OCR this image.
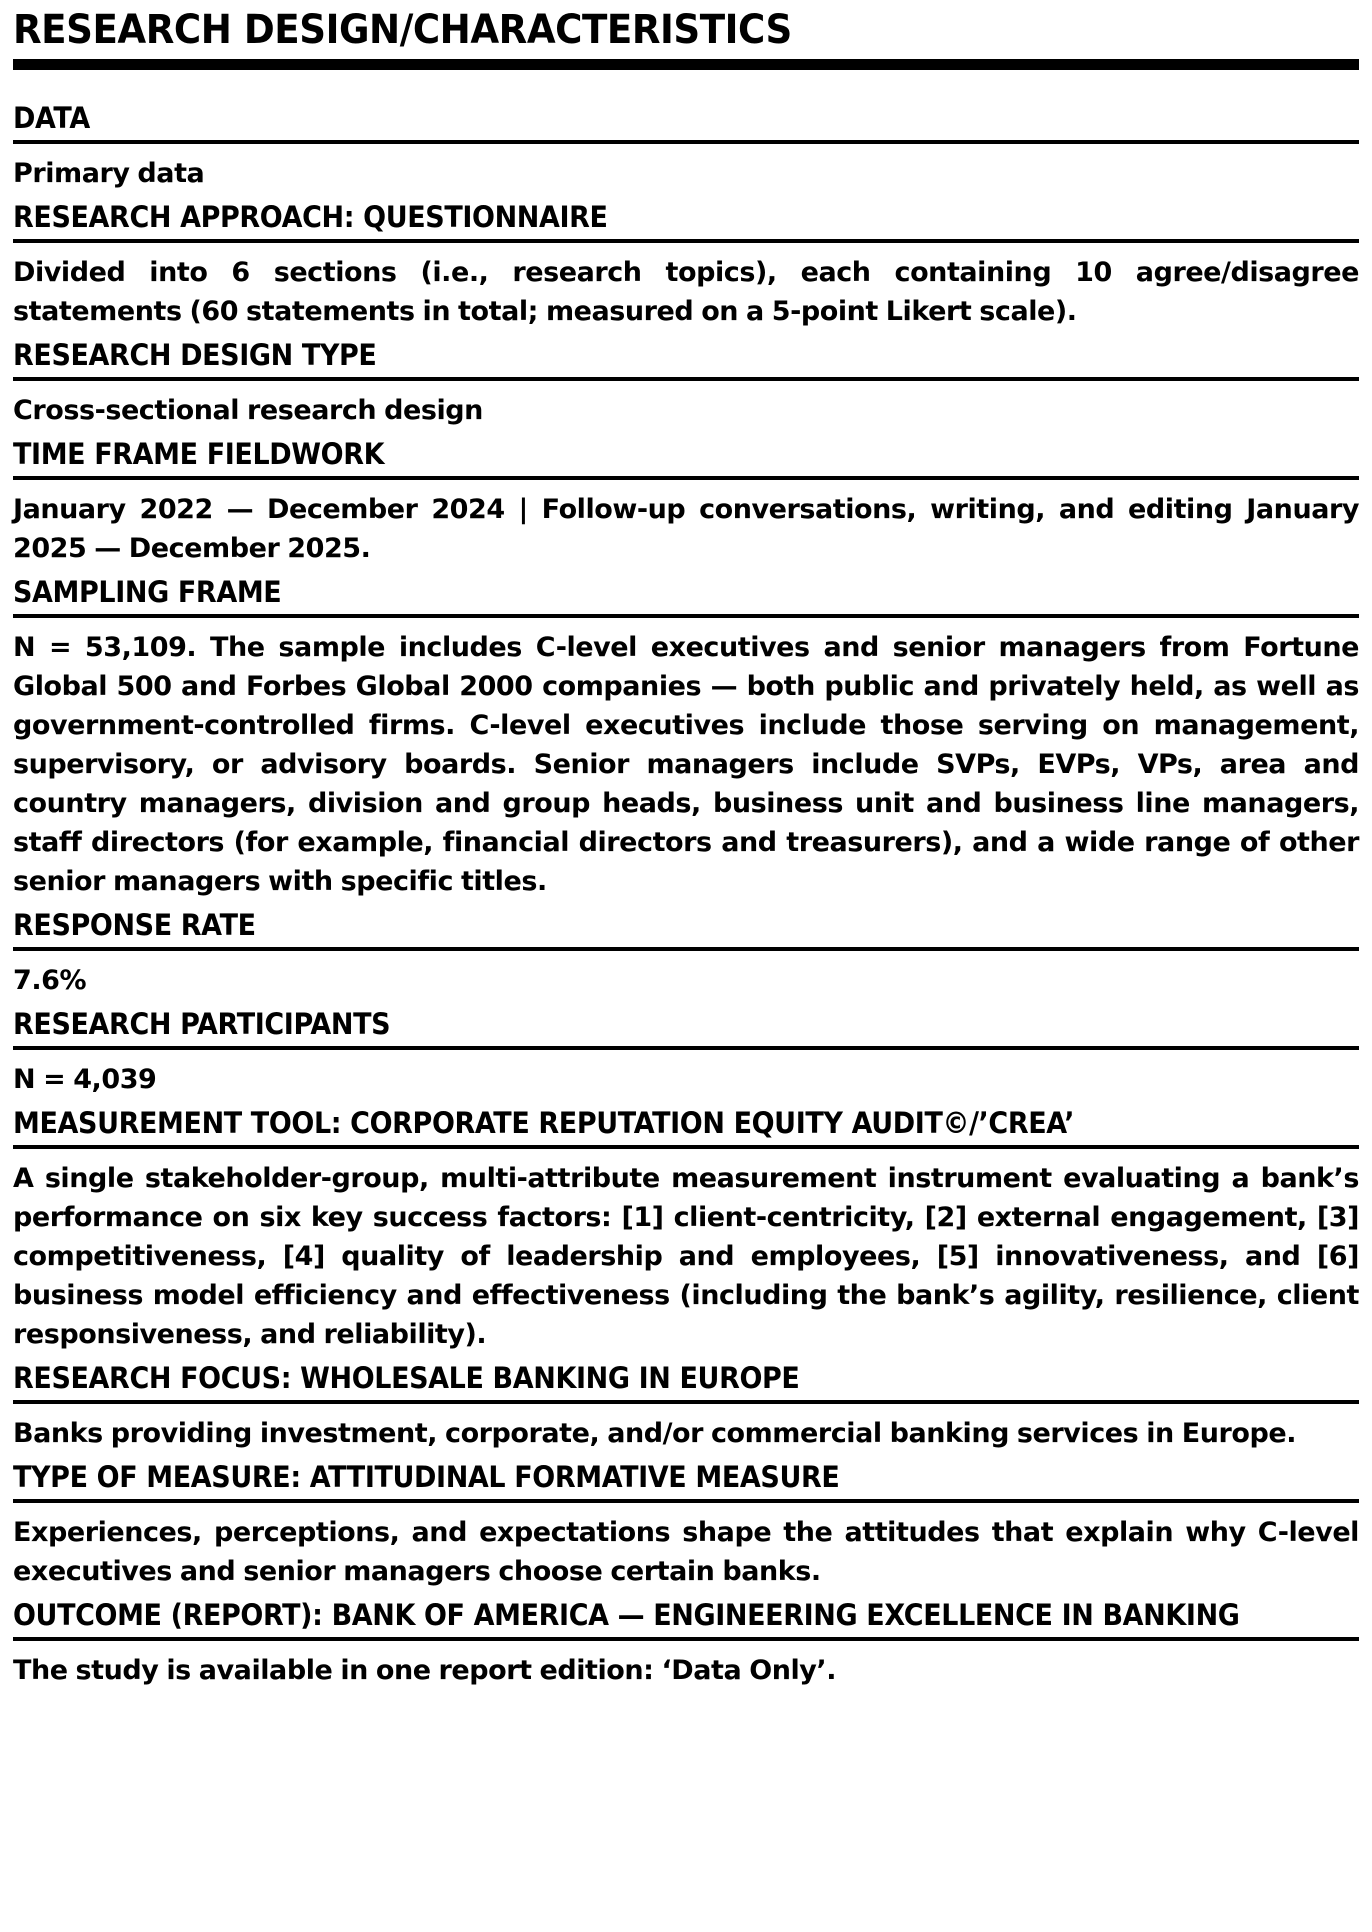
RESEARCH DESIGN/CHARACTERISTICS
DATA

Primary data

RESEARCH APPROACH: QUESTIONNAIRE

Divided into 6 sections (i.e., research topics), each containing 10 agree/disagree statements (60 statements in total; measured on a 5-point Likert scale).

RESEARCH DESIGN TYPE

Cross-sectional research design

TIME FRAME FIELDWORK

January 2022 — December 2024 | Follow-up conversations, writing, and editing January 2025 — December 2025.

SAMPLING FRAME

N = 53,109. The sample includes C-level executives and senior managers from Fortune Global 500 and Forbes Global 2000 companies — both public and privately held, as well as government-controlled firms. C-level executives include those serving on management, supervisory, or advisory boards. Senior managers include SVPs, EVPs, VPs, area and country managers, division and group heads, business unit and business line managers, staff directors (for example, financial directors and treasurers), and a wide range of other senior managers with specific titles.

RESPONSE RATE

7.6%

RESEARCH PARTICIPANTS

N = 4,039

MEASUREMENT TOOL: CORPORATE REPUTATION EQUITY AUDIT©/’CREA’

A single stakeholder-group, multi-attribute measurement instrument evaluating a bank’s performance on six key success factors: [1] client-centricity, [2] external engagement, [3] competitiveness, [4] quality of leadership and employees, [5] innovativeness, and [6] business model efficiency and effectiveness (including the bank’s agility, resilience, client responsiveness, and reliability).

RESEARCH FOCUS: WHOLESALE BANKING IN EUROPE

Banks providing investment, corporate, and/or commercial banking services in Europe.

TYPE OF MEASURE: ATTITUDINAL FORMATIVE MEASURE

Experiences, perceptions, and expectations shape the attitudes that explain why C-level executives and senior managers choose certain banks.

OUTCOME (REPORT): BANK OF AMERICA — ENGINEERING EXCELLENCE IN BANKING

The study is available in one report edition: ‘Data Only’.
